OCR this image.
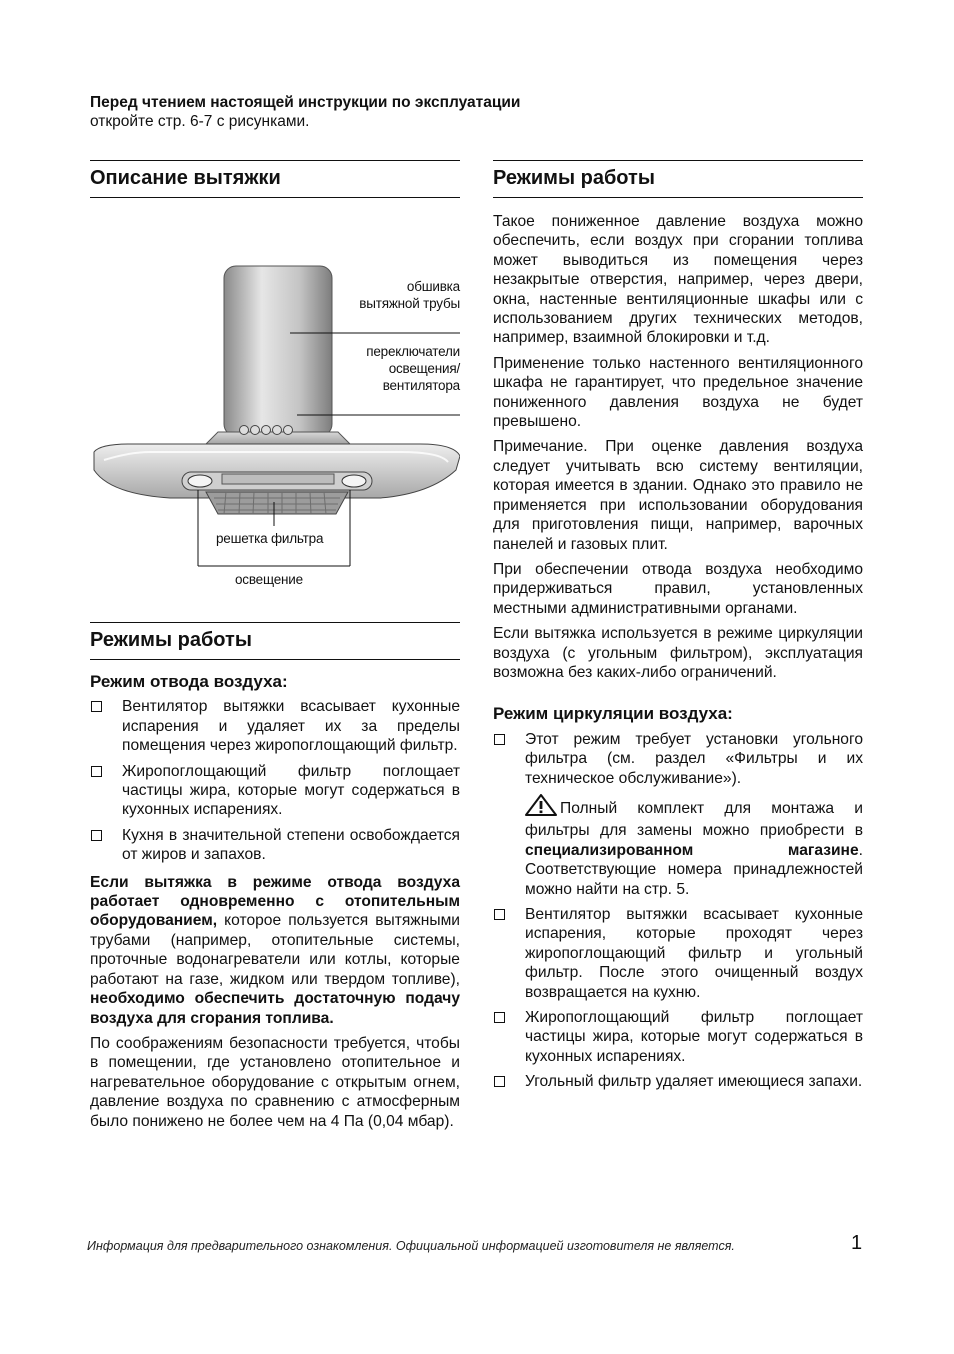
Перед чтением настоящей инструкции по эксплуатации
откройте стр. 6-7 с рисунками.
Описание вытяжки
обшивка
вытяжной трубы
переключатели
освещения/
вентилятора
решетка фильтра
освещение
Режимы работы
Режим отвода воздуха:
Вентилятор вытяжки всасывает кухонные испарения и удаляет их за пределы помещения через жиропоглощающий фильтр.
Жиропоглощающий фильтр поглощает частицы жира, которые могут содержаться в кухонных испарениях.
Кухня в значительной степени освобождается от жиров и запахов.

Если вытяжка в режиме отвода воздуха работает одновременно с отопительным оборудованием, которое пользуется вытяжными трубами (например, отопительные системы, проточные водонагреватели или котлы, которые работают на газе, жидком или твердом топливе), необходимо обеспечить достаточную подачу воздуха для сгорания топлива.

По соображениям безопасности требуется, чтобы в помещении, где установлено отопительное и нагревательное оборудование с открытым огнем, давление воздуха по сравнению с атмосферным было понижено не более чем на 4 Па (0,04 мбар).

Режимы работы

Такое пониженное давление воздуха можно обеспечить, если воздух при сгорании топлива может выводиться из помещения через незакрытые отверстия, например, через двери, окна, настенные вентиляционные шкафы или с использованием других технических методов, например, взаимной блокировки и т.д.

Применение только настенного вентиляционного шкафа не гарантирует, что предельное значение пониженного давления воздуха не будет превышено.

Примечание. При оценке давления воздуха следует учитывать всю систему вентиляции, которая имеется в здании. Однако это правило не применяется при использовании оборудования для приготовления пищи, например, варочных панелей и газовых плит.

При обеспечении отвода воздуха необходимо придерживаться правил, установленных местными административными органами.

Если вытяжка используется в режиме циркуляции воздуха (с угольным фильтром), эксплуатация возможна без каких-либо ограничений.

Режим циркуляции воздуха:
Этот режим требует установки угольного фильтра (см. раздел «Фильтры и их техническое обслуживание»).
Полный комплект для монтажа и фильтры для замены можно приобрести в специализированном магазине. Соответствующие номера принадлежностей можно найти на стр. 5.
Вентилятор вытяжки всасывает кухонные испарения, которые проходят через жиропоглощающий фильтр и угольный фильтр. После этого очищенный воздух возвращается на кухню.
Жиропоглощающий фильтр поглощает частицы жира, которые могут содержаться в кухонных испарениях.
Угольный фильтр удаляет имеющиеся запахи.
Информация для предварительного ознакомления. Официальной информацией изготовителя не является.	1
